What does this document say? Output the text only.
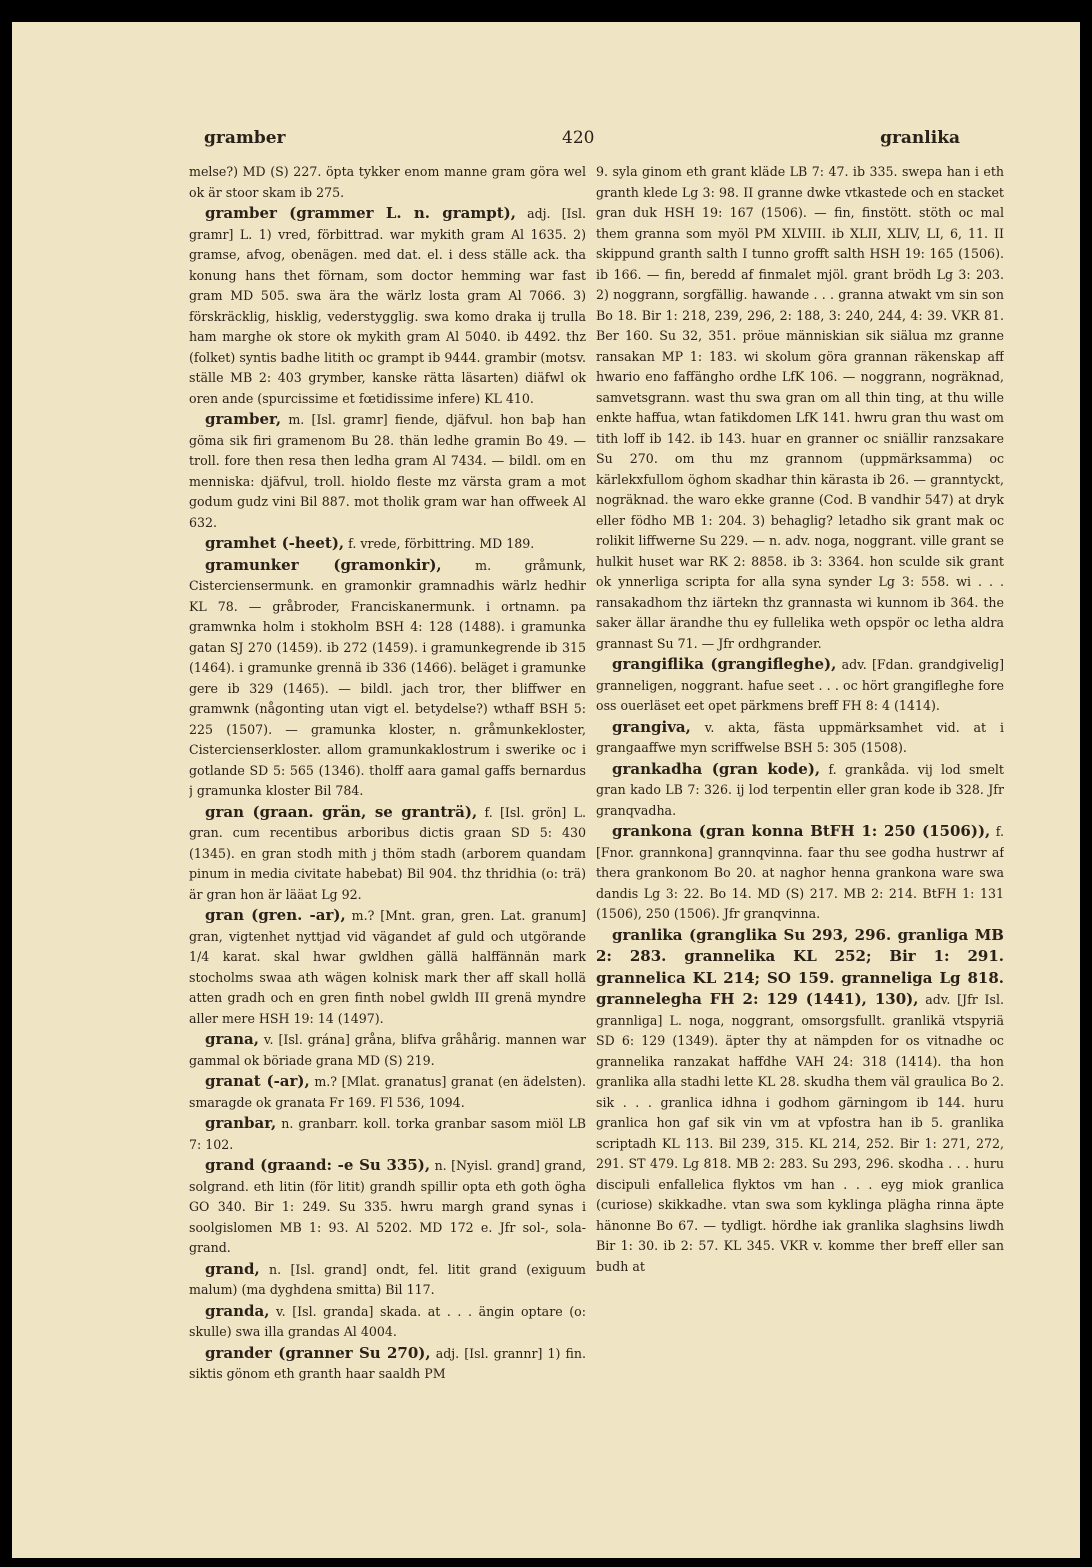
gramber	420	granlika

melse?) MD (S) 227. öpta tykker enom manne gram göra wel ok är stoor skam ib 275.

gramber (grammer L. n. grampt), adj. [Isl. gramr] L. 1) vred, förbittrad. war mykith gram Al 1635. 2) gramse, afvog, obenägen. med dat. el. i dess ställe ack. tha konung hans thet förnam, som doctor hemming war fast gram MD 505. swa ära the wärlz losta gram Al 7066. 3) förskräcklig, hisklig, vederstygglig. swa komo draka ij trulla ham marghe ok store ok mykith gram Al 5040. ib 4492. thz (folket) syntis badhe litith oc grampt ib 9444. grambir (motsv. ställe MB 2: 403 grymber, kanske rätta läsarten) diäfwl ok oren ande (spurcissime et fœtidissime infere) KL 410.

gramber, m. [Isl. gramr] fiende, djäfvul. hon baþ han göma sik firi gramenom Bu 28. thän ledhe gramin Bo 49. — troll. fore then resa then ledha gram Al 7434. — bildl. om en menniska: djäfvul, troll. hioldo fleste mz värsta gram a mot godum gudz vini Bil 887. mot tholik gram war han offweek Al 632.

gramhet (-heet), f. vrede, förbittring. MD 189.

gramunker (gramonkir),	m. gråmunk, Cisterciensermunk. en gramonkir gramnadhis wärlz hedhir KL 78. — gråbroder, Franciskanermunk. i ortnamn. pa gramwnka holm i stokholm BSH 4: 128 (1488). i gramunka gatan SJ 270 (1459). ib 272 (1459). i gramunkegrende ib 315 (1464). i gramunke grennä ib 336 (1466). beläget i gramunke gere ib 329 (1465). — bildl. jach tror, ther bliffwer en gramwnk (någonting utan vigt el. betydelse?) wthaff BSH 5: 225 (1507). — gramunka kloster, n. gråmunkekloster, Cistercienserkloster. allom gramunkaklostrum i swerike oc i gotlande SD 5: 565 (1346). tholff aara gamal gaffs bernardus j gramunka kloster Bil 784.

gran (graan. grän, se granträ), f. [Isl. grön] L. gran. cum recentibus arboribus dictis graan SD 5: 430 (1345). en gran stodh mith j thöm stadh (arborem quandam pinum in media civitate habebat) Bil 904. thz thridhia (o: trä) är gran hon är lääat Lg 92.

gran (gren. -ar), m.? [Mnt. gran, gren. Lat. granum] gran, vigtenhet nyttjad vid vägandet af guld och utgörande 1/4 karat. skal hwar gwldhen gällä halffännän mark stocholms swaa ath wägen kolnisk mark ther aff skall hollä atten gradh och en gren finth nobel gwldh III grenä myndre aller mere HSH 19: 14 (1497).

grana, v. [Isl. grána] gråna, blifva gråhårig. mannen war gammal ok böriade grana MD (S) 219.

granat (-ar), m.? [Mlat. granatus] granat (en ädelsten). smaragde ok granata Fr 169. Fl 536, 1094.

granbar, n. granbarr. koll. torka granbar sasom miöl LB 7: 102.

grand (graand: -e Su 335), n. [Nyisl. grand] grand, solgrand. eth litin (för litit) grandh spillir opta eth goth ögha GO 340. Bir 1: 249. Su 335. hwru margh grand synas i soolgislomen MB 1: 93. Al 5202. MD 172 e. Jfr sol-, sola-grand.

grand, n. [Isl. grand] ondt, fel. litit grand (exiguum malum) (ma dyghdena smitta) Bil 117.

granda, v. [Isl. granda] skada. at . . . ängin optare (o: skulle) swa illa grandas Al 4004.

grander (granner Su 270), adj. [Isl. grannr] 1) fin. siktis gönom eth granth haar saaldh PM

9. syla ginom eth grant kläde LB 7: 47. ib 335. swepa han i eth granth klede Lg 3: 98. II granne dwke vtkastede och en stacket gran duk HSH 19: 167 (1506). — fin, finstött. stöth oc mal them granna som myöl PM XLVIII. ib XLII, XLIV, LI, 6, 11. II skippund granth salth I tunno grofft salth HSH 19: 165 (1506). ib 166. — fin, beredd af finmalet mjöl. grant brödh Lg 3: 203. 2) noggrann, sorgfällig. hawande . . . granna atwakt vm sin son Bo 18. Bir 1: 218, 239, 296, 2: 188, 3: 240, 244, 4: 39. VKR 81. Ber 160. Su 32, 351. pröue människian sik siälua mz granne ransakan MP 1: 183. wi skolum göra grannan räkenskap aff hwario eno faffängho ordhe LfK 106. — noggrann, nogräknad, samvetsgrann. wast thu swa gran om all thin ting, at thu wille enkte haffua, wtan fatikdomen LfK 141. hwru gran thu wast om tith loff ib 142. ib 143. huar en granner oc sniällir ranzsakare Su 270. om thu mz grannom (uppmärksamma) oc kärlekxfullom öghom skadhar thin kärasta ib 26. — granntyckt, nogräknad. the waro ekke granne (Cod. B vandhir 547) at dryk eller födho MB 1: 204. 3) behaglig? letadho sik grant mak oc rolikit liffwerne Su 229. — n. adv. noga, noggrant. ville grant se hulkit huset war RK 2: 8858. ib 3: 3364. hon sculde sik grant ok ynnerliga scripta for alla syna synder Lg 3: 558. wi . . . ransakadhom thz iärtekn thz grannasta wi kunnom ib 364. the saker ällar ärandhe thu ey fullelika weth opspör oc letha aldra grannast Su 71. — Jfr ordhgrander.

grangiflika (grangifleghe), adv. [Fdan. grandgivelig] granneligen, noggrant. hafue seet . . . oc hört grangifleghe fore oss ouerläset eet opet pärkmens breff FH 8: 4 (1414).

grangiva, v. akta, fästa uppmärksamhet vid. at i grangaaffwe myn scriffwelse BSH 5: 305 (1508).

grankadha (gran kode), f. grankåda. vij lod smelt gran kado LB 7: 326. ij lod terpentin eller gran kode ib 328. Jfr granqvadha.

grankona (gran konna BtFH 1: 250 (1506)), f. [Fnor. grannkona] grannqvinna. faar thu see godha hustrwr af thera grankonom Bo 20. at naghor henna grankona ware swa dandis Lg 3: 22. Bo 14. MD (S) 217. MB 2: 214. BtFH 1: 131 (1506), 250 (1506). Jfr granqvinna.

granlika (granglika Su 293, 296. granliga MB 2: 283. grannelika KL 252; Bir 1: 291. grannelica KL 214; SO 159. granneliga Lg 818. grannelegha FH 2: 129 (1441), 130), adv. [Jfr Isl. grannliga] L. noga, noggrant, omsorgsfullt. granlikä vtspyriä SD 6: 129 (1349). äpter thy at nämpden for os vitnadhe oc grannelika ranzakat haffdhe VAH 24: 318 (1414). tha hon granlika alla stadhi lette KL 28. skudha them väl graulica Bo 2. sik . . . granlica idhna i godhom gärningom ib 144. huru granlica hon gaf sik vin vm at vpfostra han ib 5. granlika scriptadh KL 113. Bil 239, 315. KL 214, 252. Bir 1: 271, 272, 291. ST 479. Lg 818. MB 2: 283. Su 293, 296. skodha . . . huru discipuli enfallelica flyktos vm han . . . eyg miok granlica (curiose) skikkadhe. vtan swa som kyklinga plägha rinna äpte hänonne Bo 67. — tydligt. hördhe iak granlika slaghsins liwdh Bir 1: 30. ib 2: 57. KL 345. VKR v. komme ther breff eller san budh at
